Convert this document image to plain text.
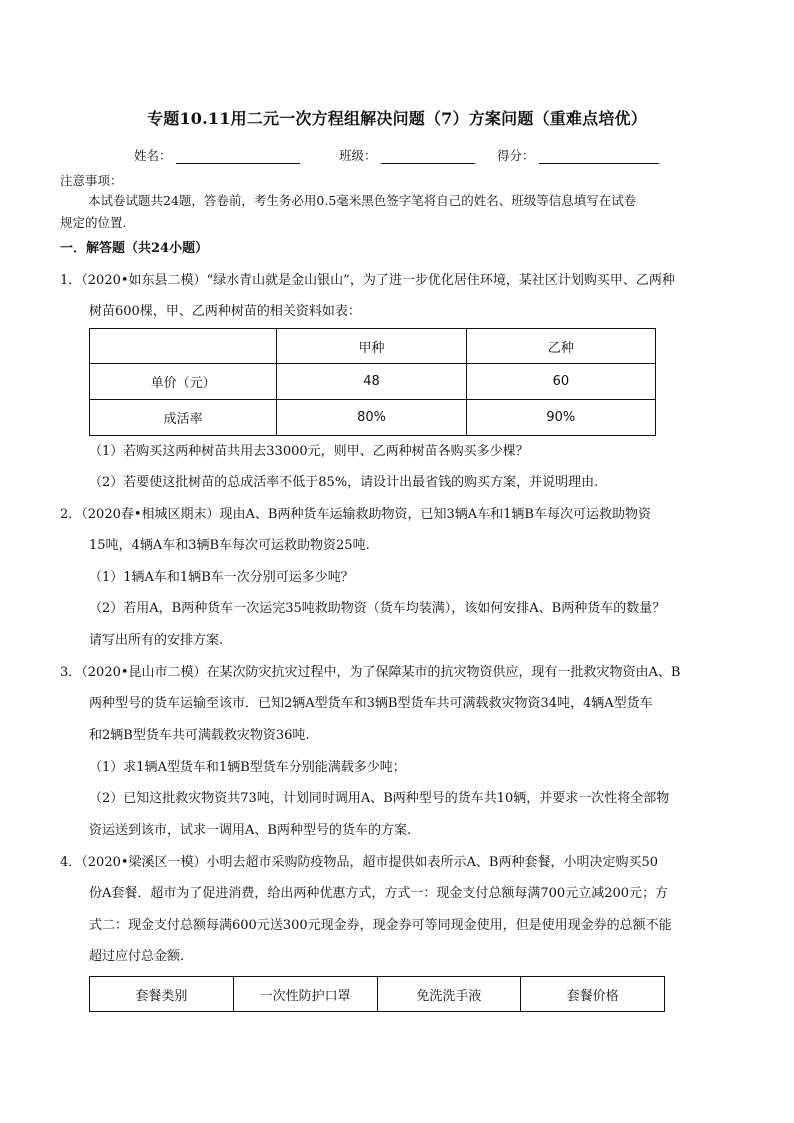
专题10.11用二元一次方程组解决问题（7）方案问题（重难点培优）
姓名：	班级：	得分：
注意事项：
本试卷试题共24题，答卷前，考生务必用0.5毫米黑色签字笔将自己的姓名、班级等信息填写在试卷
规定的位置.
一．解答题（共24小题）
1．（2020•如东县二模）“绿水青山就是金山银山”，为了进一步优化居住环境，某社区计划购买甲、乙两种
树苗600棵，甲、乙两种树苗的相关资料如表：
	甲种	乙种
单价（元）	48	60
成活率	80%	90%
（1）若购买这两种树苗共用去33000元，则甲、乙两种树苗各购买多少棵？
（2）若要使这批树苗的总成活率不低于85%，请设计出最省钱的购买方案，并说明理由.
2．（2020春•相城区期末）现由A、B两种货车运输救助物资，已知3辆A车和1辆B车每次可运救助物资
15吨，4辆A车和3辆B车每次可运救助物资25吨.
（1）1辆A车和1辆B车一次分别可运多少吨？
（2）若用A，B两种货车一次运完35吨救助物资（货车均装满），该如何安排A、B两种货车的数量？
请写出所有的安排方案.
3．（2020•昆山市二模）在某次防灾抗灾过程中，为了保障某市的抗灾物资供应，现有一批救灾物资由A、B
两种型号的货车运输至该市．已知2辆A型货车和3辆B型货车共可满载救灾物资34吨，4辆A型货车
和2辆B型货车共可满载救灾物资36吨.
（1）求1辆A型货车和1辆B型货车分别能满载多少吨；
（2）已知这批救灾物资共73吨，计划同时调用A、B两种型号的货车共10辆，并要求一次性将全部物
资运送到该市，试求一调用A、B两种型号的货车的方案.
4．（2020•梁溪区一模）小明去超市采购防疫物品，超市提供如表所示A、B两种套餐，小明决定购买50
份A套餐．超市为了促进消费，给出两种优惠方式，方式一：现金支付总额每满700元立减200元；方
式二：现金支付总额每满600元送300元现金券，现金券可等同现金使用，但是使用现金券的总额不能
超过应付总金额.
套餐类别	一次性防护口罩	免洗洗手液	套餐价格
